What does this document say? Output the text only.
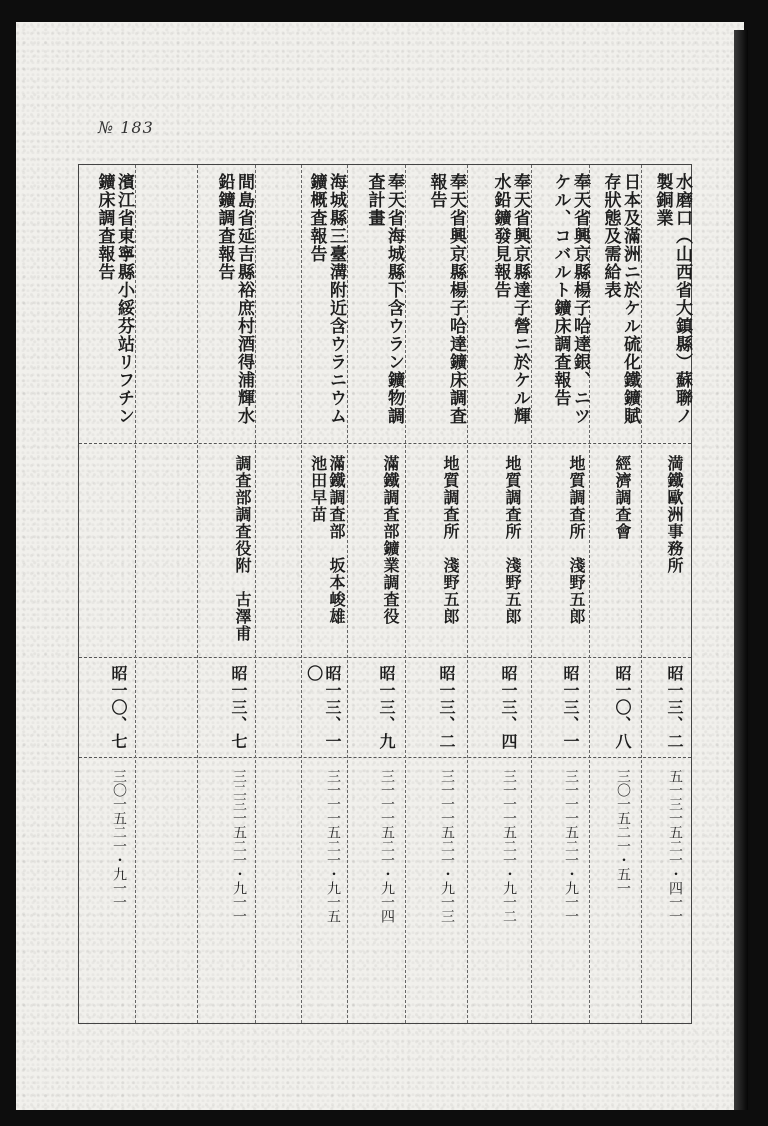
№ 183
水磨口（山西省大鎮縣）蘇聯ノ製銅業
満鐵歐洲事務所
昭一三、二
五一三一五二一・四一一
日本及滿洲ニ於ケル硫化鐵鑛賦存狀態及需給表
經濟調查會
昭一〇、八
三〇一五二一・五一
奉天省興京縣楊子哈達銀、ニツケル、コバルト鑛床調査報告
地質調査所　淺野五郎
昭一三、一
三一一一五二一・九一一
奉天省興京縣達子營ニ於ケル輝水鉛鑛發見報告
地質調査所　淺野五郎
昭一三、四
三一一一五二一・九一二
奉天省興京縣楊子哈達鑛床調査報告
地質調査所　淺野五郎
昭一三、二
三一一一五二一・九一三
奉天省海城縣下含ウラン鑛物調査計畫
滿鐵調査部鑛業調査役
昭一三、九
三一一一五二一・九一四
海城縣三臺溝附近含ウラニウム鑛概査報告
滿鐵調査部　坂本峻雄　池田早苗
昭一三、一〇
三一一一五二一・九一五
間島省延吉縣裕庶村酒得浦輝水鉛鑛調査報告
調査部調査役附　古澤甫
昭一三、七
三二三一五二一・九一一
濱江省東寧縣小綏芬站リフチン鑛床調査報告
昭一〇、七
三〇一五二一・九一一
